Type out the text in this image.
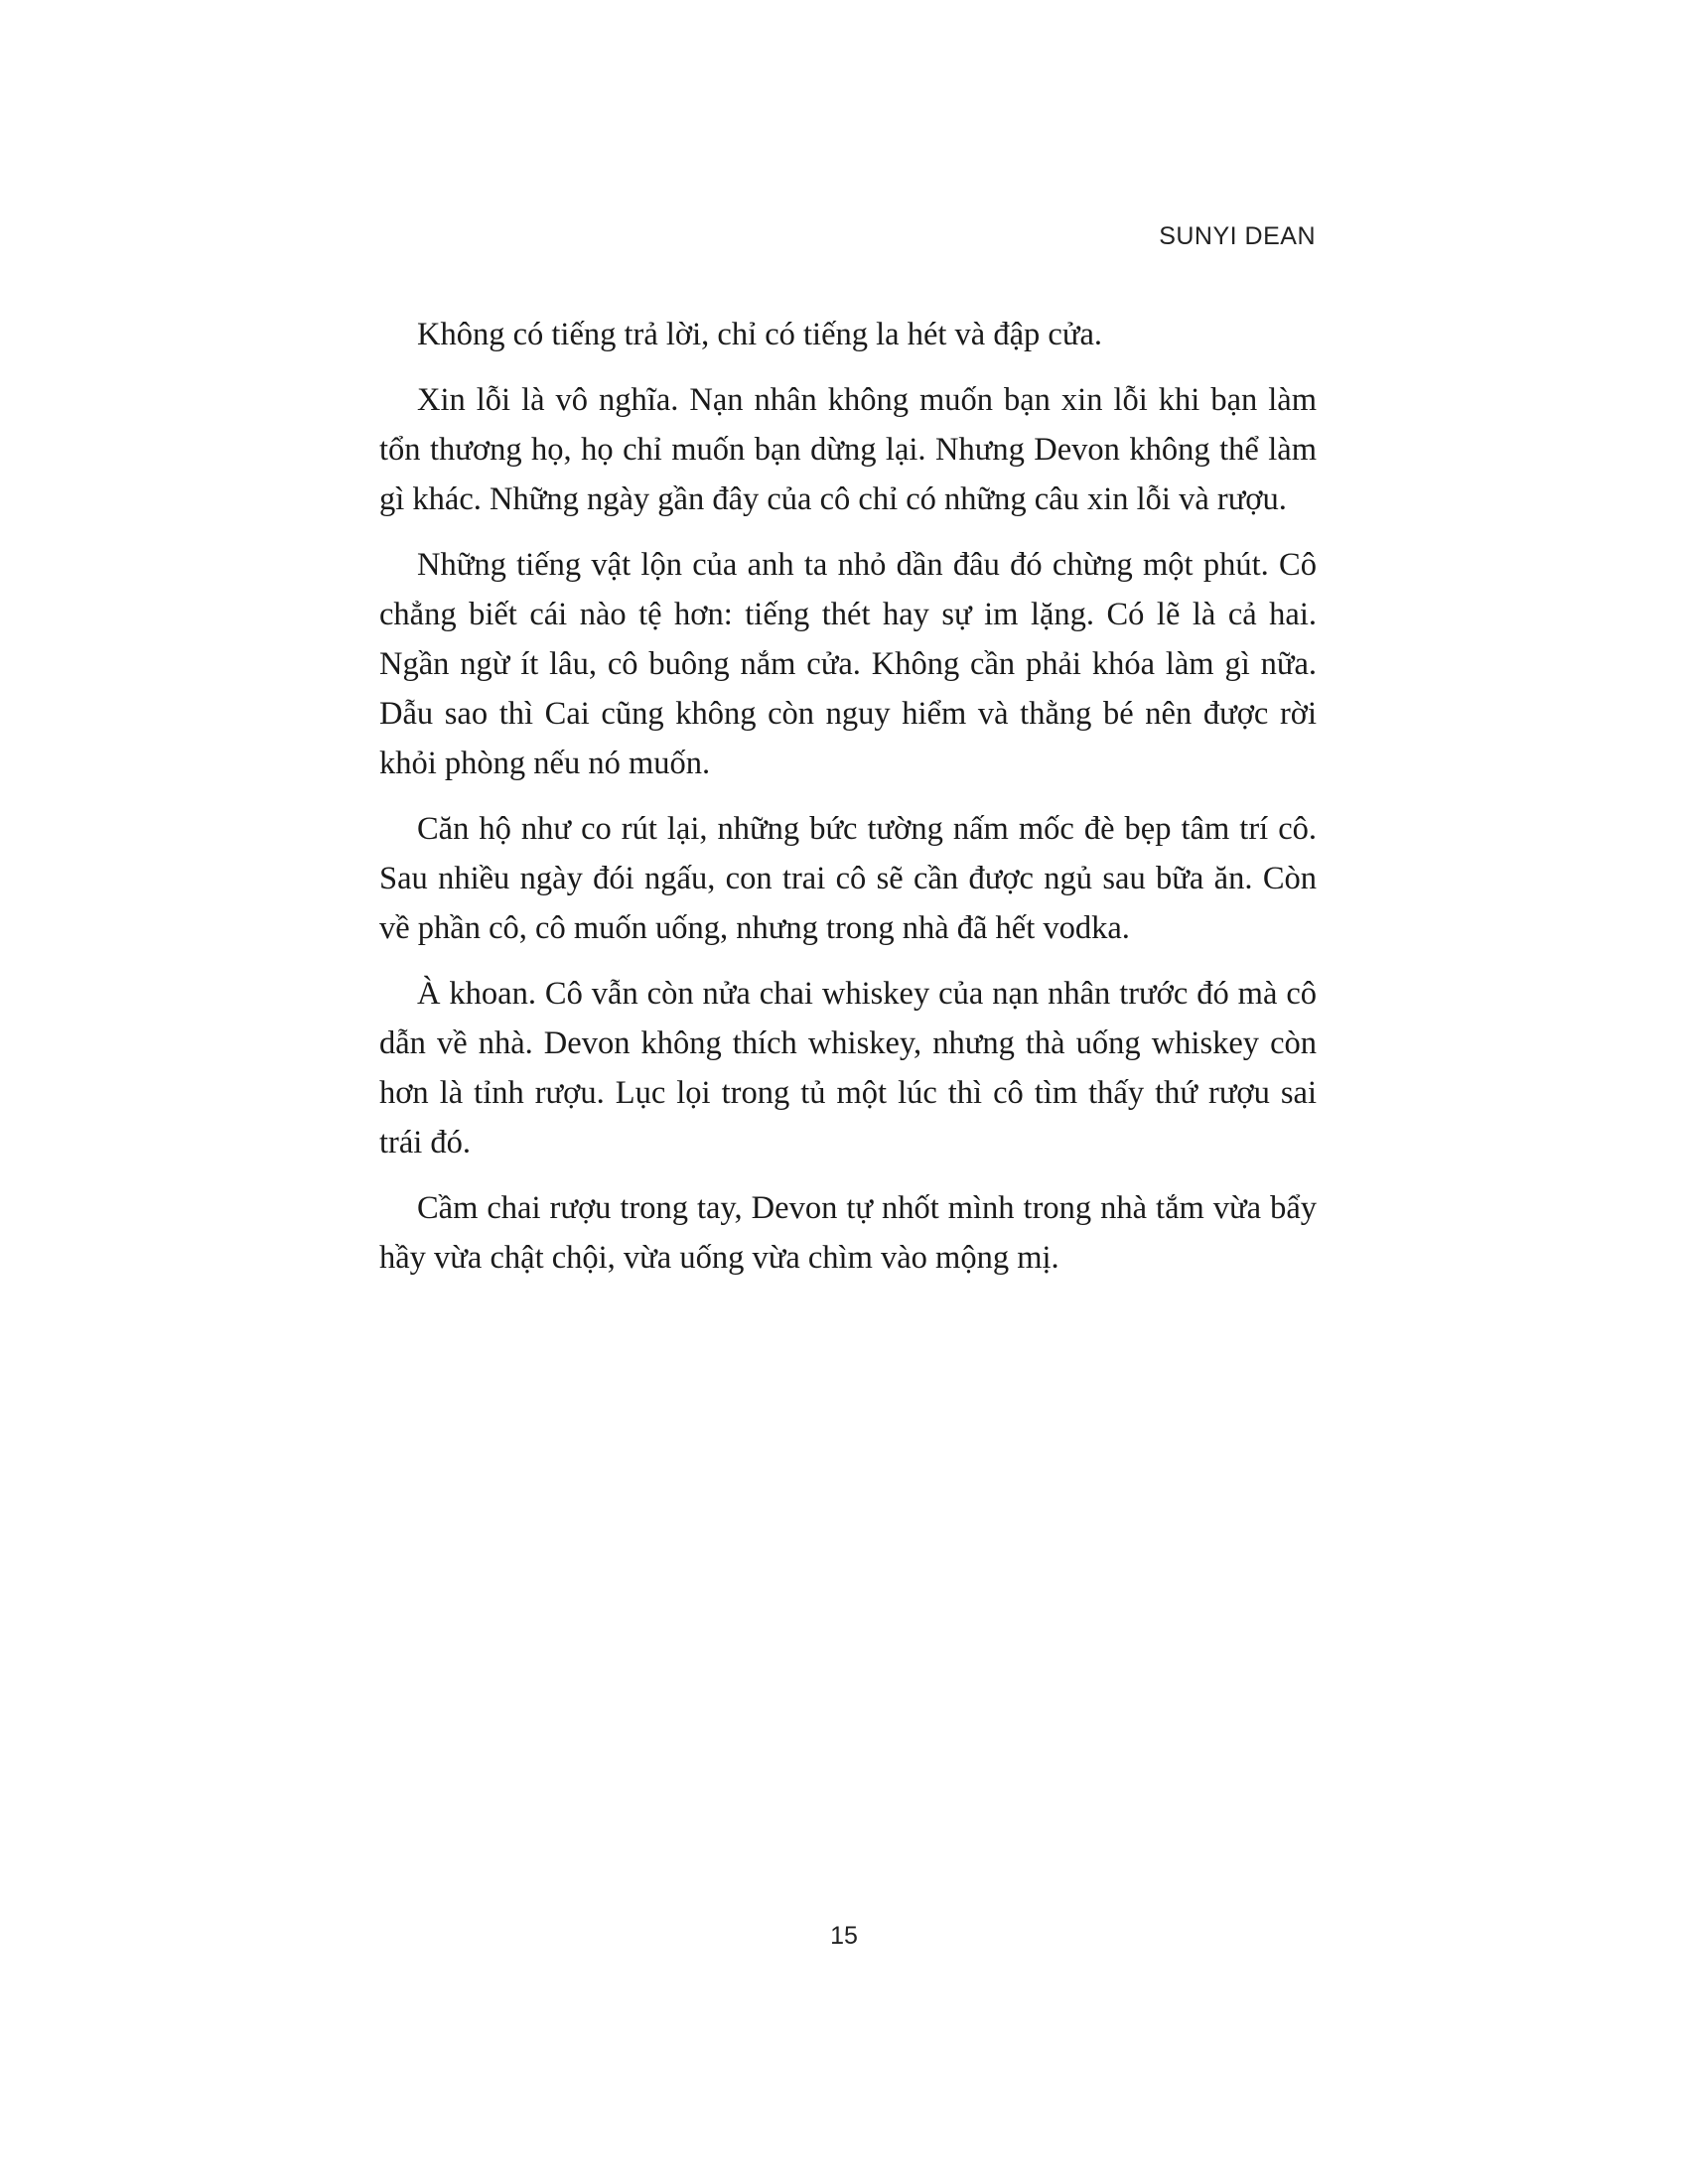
SUNYI DEAN

Không có tiếng trả lời, chỉ có tiếng la hét và đập cửa.

Xin lỗi là vô nghĩa. Nạn nhân không muốn bạn xin lỗi khi bạn làm tổn thương họ, họ chỉ muốn bạn dừng lại. Nhưng Devon không thể làm gì khác. Những ngày gần đây của cô chỉ có những câu xin lỗi và rượu.

Những tiếng vật lộn của anh ta nhỏ dần đâu đó chừng một phút. Cô chẳng biết cái nào tệ hơn: tiếng thét hay sự im lặng. Có lẽ là cả hai. Ngần ngừ ít lâu, cô buông nắm cửa. Không cần phải khóa làm gì nữa. Dẫu sao thì Cai cũng không còn nguy hiểm và thằng bé nên được rời khỏi phòng nếu nó muốn.

Căn hộ như co rút lại, những bức tường nấm mốc đè bẹp tâm trí cô. Sau nhiều ngày đói ngấu, con trai cô sẽ cần được ngủ sau bữa ăn. Còn về phần cô, cô muốn uống, nhưng trong nhà đã hết vodka.

À khoan. Cô vẫn còn nửa chai whiskey của nạn nhân trước đó mà cô dẫn về nhà. Devon không thích whiskey, nhưng thà uống whiskey còn hơn là tỉnh rượu. Lục lọi trong tủ một lúc thì cô tìm thấy thứ rượu sai trái đó.

Cầm chai rượu trong tay, Devon tự nhốt mình trong nhà tắm vừa bẩy hầy vừa chật chội, vừa uống vừa chìm vào mộng mị.

15
